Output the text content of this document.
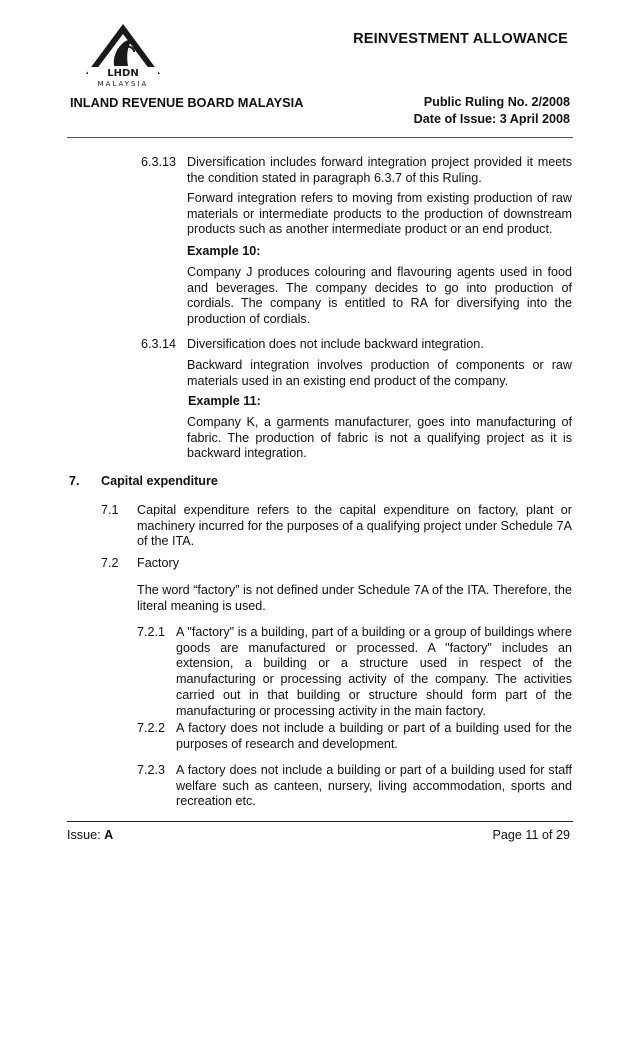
REINVESTMENT ALLOWANCE
LHDN
MALAYSIA
INLAND REVENUE BOARD MALAYSIA	Public Ruling No. 2/2008
Date of Issue: 3 April 2008
6.3.13 Diversification includes forward integration project provided it meets the condition stated in paragraph 6.3.7 of this Ruling.
Forward integration refers to moving from existing production of raw materials or intermediate products to the production of downstream products such as another intermediate product or an end product.
Example 10:
Company J produces colouring and flavouring agents used in food and beverages. The company decides to go into production of cordials. The company is entitled to RA for diversifying into the production of cordials.
6.3.14 Diversification does not include backward integration.
Backward integration involves production of components or raw materials used in an existing end product of the company.
Example 11:
Company K, a garments manufacturer, goes into manufacturing of fabric. The production of fabric is not a qualifying project as it is backward integration.
7. Capital expenditure
7.1 Capital expenditure refers to the capital expenditure on factory, plant or machinery incurred for the purposes of a qualifying project under Schedule 7A of the ITA.
7.2 Factory
The word “factory” is not defined under Schedule 7A of the ITA. Therefore, the literal meaning is used.
7.2.1 A "factory" is a building, part of a building or a group of buildings where goods are manufactured or processed. A "factory" includes an extension, a building or a structure used in respect of the manufacturing or processing activity of the company. The activities carried out in that building or structure should form part of the manufacturing or processing activity in the main factory.
7.2.2 A factory does not include a building or part of a building used for the purposes of research and development.
7.2.3 A factory does not include a building or part of a building used for staff welfare such as canteen, nursery, living accommodation, sports and recreation etc.
Issue: A	Page 11 of 29
